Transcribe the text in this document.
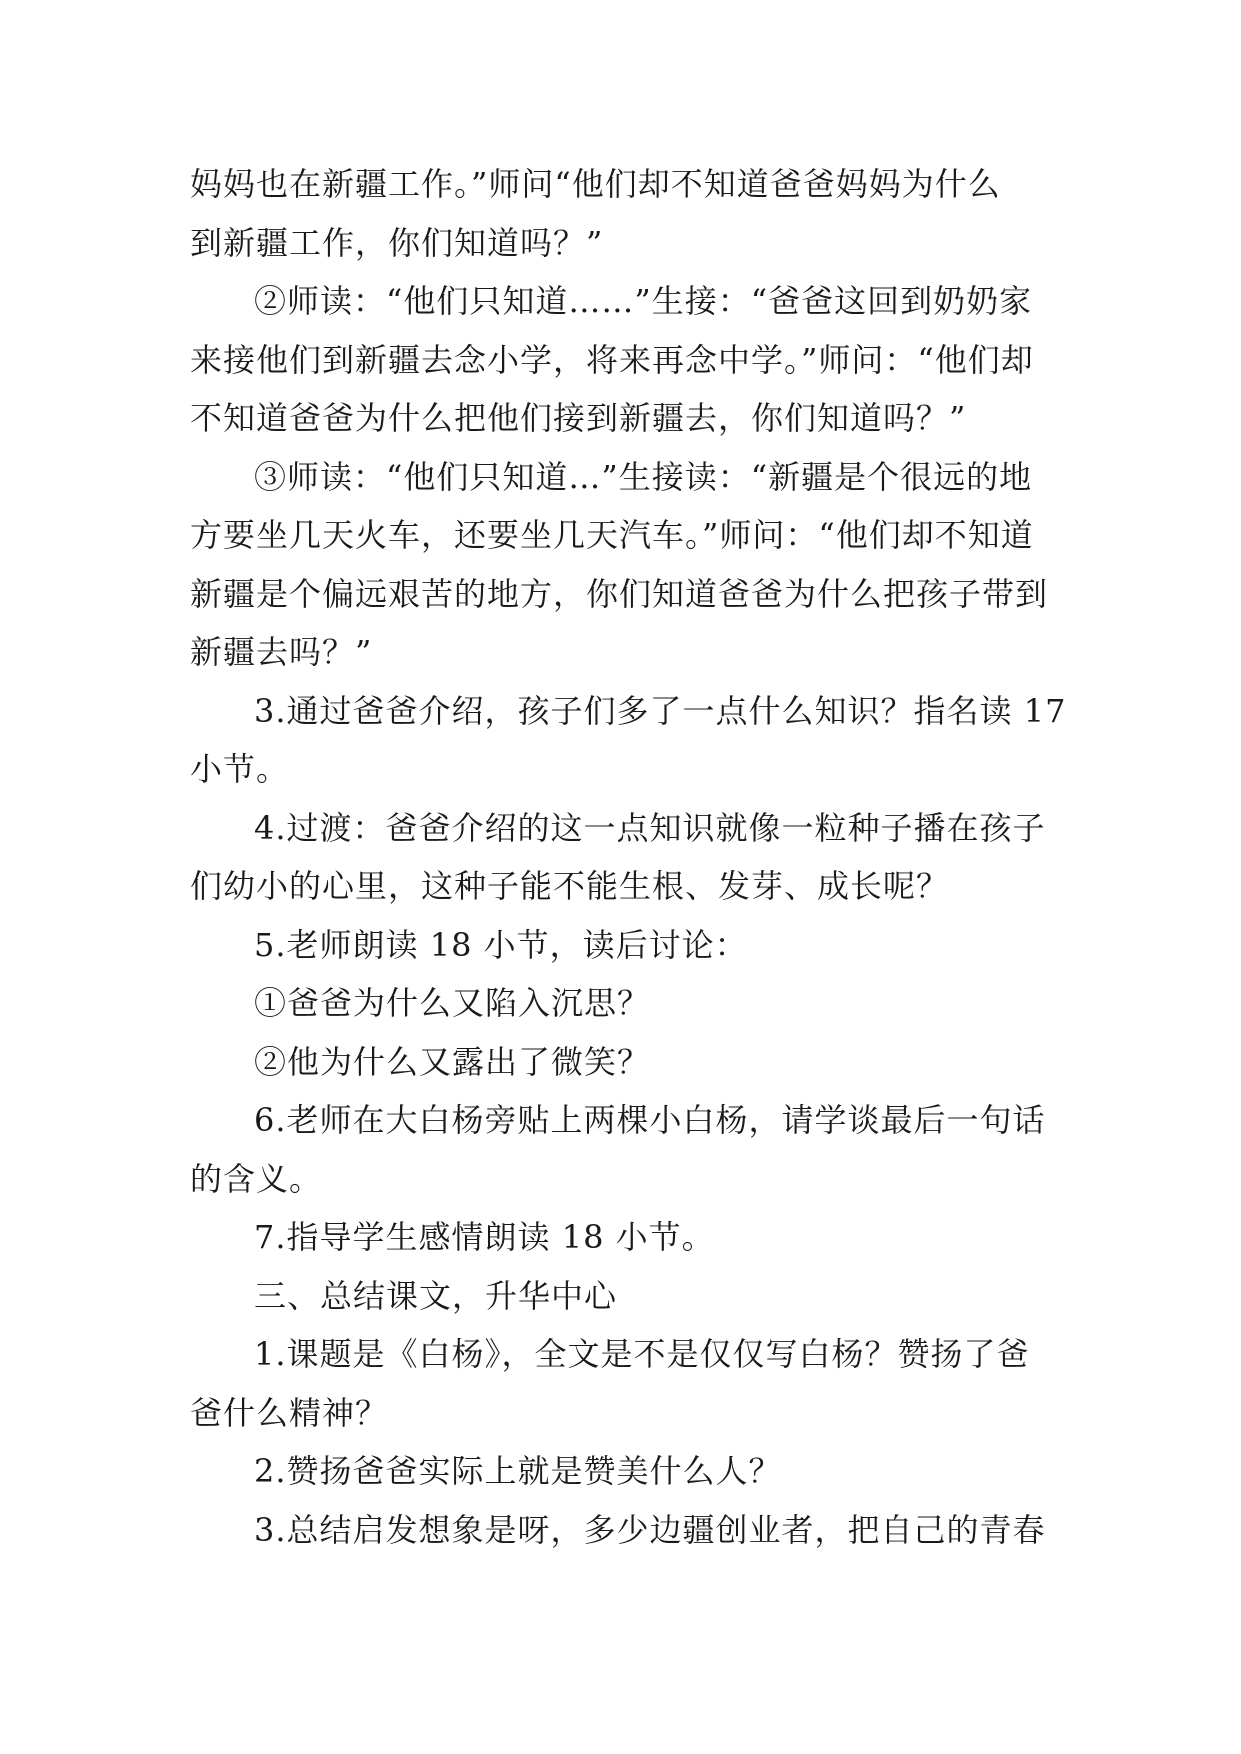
妈妈也在新疆工作。”师问“他们却不知道爸爸妈妈为什么
到新疆工作，你们知道吗？”
②师读：“他们只知道……”生接：“爸爸这回到奶奶家
来接他们到新疆去念小学，将来再念中学。”师问：“他们却
不知道爸爸为什么把他们接到新疆去，你们知道吗？”
③师读：“他们只知道…”生接读：“新疆是个很远的地
方要坐几天火车，还要坐几天汽车。”师问：“他们却不知道
新疆是个偏远艰苦的地方，你们知道爸爸为什么把孩子带到
新疆去吗？”
3.通过爸爸介绍，孩子们多了一点什么知识？指名读 17
小节。
4.过渡：爸爸介绍的这一点知识就像一粒种子播在孩子
们幼小的心里，这种子能不能生根、发芽、成长呢？
5.老师朗读 18 小节，读后讨论：
①爸爸为什么又陷入沉思？
②他为什么又露出了微笑？
6.老师在大白杨旁贴上两棵小白杨，请学谈最后一句话
的含义。
7.指导学生感情朗读 18 小节。
三、总结课文，升华中心
1.课题是《白杨》，全文是不是仅仅写白杨？赞扬了爸
爸什么精神？
2.赞扬爸爸实际上就是赞美什么人？
3.总结启发想象是呀，多少边疆创业者，把自己的青春
